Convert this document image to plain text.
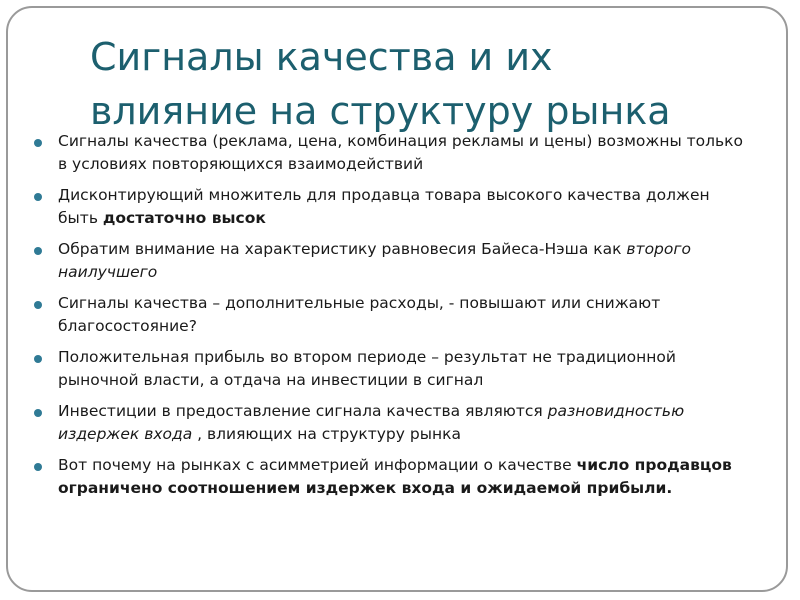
Сигналы качества и их влияние на структуру рынка
Сигналы качества (реклама, цена, комбинация рекламы и цены) возможны только в условиях повторяющихся взаимодействий
Дисконтирующий множитель для продавца товара высокого качества должен быть достаточно высок
Обратим внимание на характеристику равновесия Байеса-Нэша как второго наилучшего
Сигналы качества – дополнительные расходы, - повышают или снижают благосостояние?
Положительная прибыль во втором периоде – результат не традиционной рыночной власти, а отдача на инвестиции в сигнал
Инвестиции в предоставление сигнала качества являются разновидностью издержек входа , влияющих на структуру рынка
Вот почему на рынках с асимметрией информации о качестве число продавцов ограничено соотношением издержек входа и ожидаемой прибыли.
